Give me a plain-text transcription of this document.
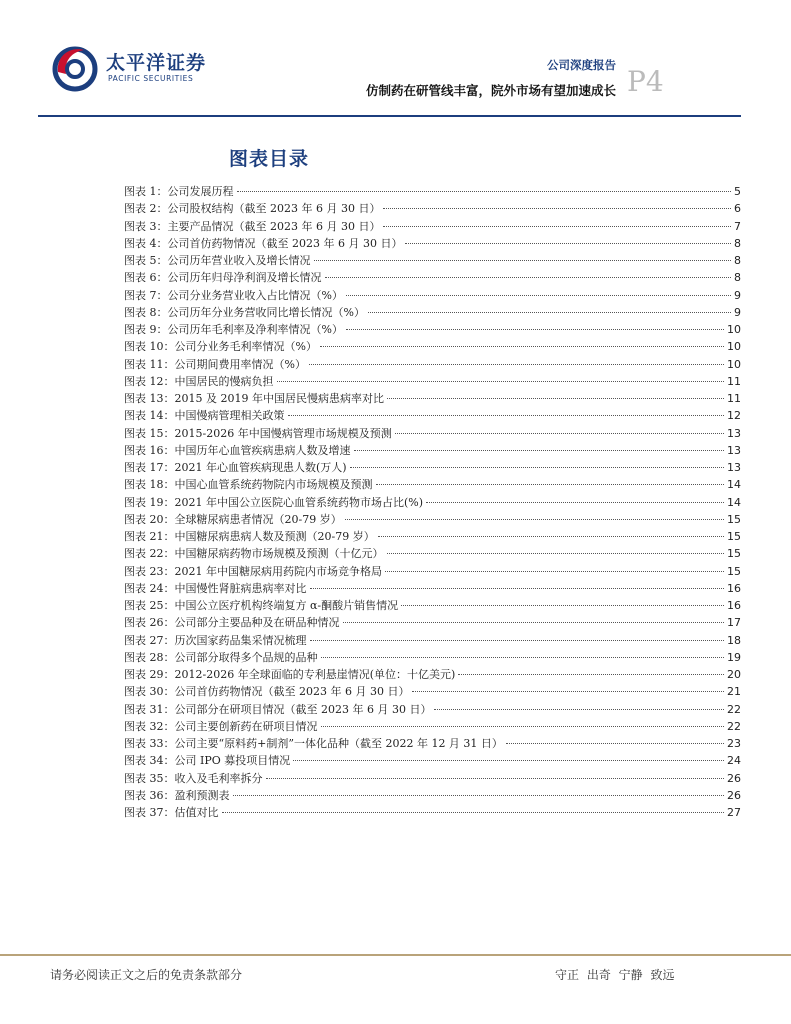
太平洋证券
PACIFIC SECURITIES
公司深度报告
仿制药在研管线丰富，院外市场有望加速成长 P4
图表目录
图表 1：公司发展历程	5
图表 2：公司股权结构（截至 2023 年 6 月 30 日）	6
图表 3：主要产品情况（截至 2023 年 6 月 30 日）	7
图表 4：公司首仿药物情况（截至 2023 年 6 月 30 日）	8
图表 5：公司历年营业收入及增长情况	8
图表 6：公司历年归母净利润及增长情况	8
图表 7：公司分业务营业收入占比情况（%）	9
图表 8：公司历年分业务营收同比增长情况（%）	9
图表 9：公司历年毛利率及净利率情况（%）	10
图表 10：公司分业务毛利率情况（%）	10
图表 11：公司期间费用率情况（%）	10
图表 12：中国居民的慢病负担	11
图表 13：2015 及 2019 年中国居民慢病患病率对比	11
图表 14：中国慢病管理相关政策	12
图表 15：2015-2026 年中国慢病管理市场规模及预测	13
图表 16：中国历年心血管疾病患病人数及增速	13
图表 17：2021 年心血管疾病现患人数(万人)	13
图表 18：中国心血管系统药物院内市场规模及预测	14
图表 19：2021 年中国公立医院心血管系统药物市场占比(%)	14
图表 20：全球糖尿病患者情况（20-79 岁）	15
图表 21：中国糖尿病患病人数及预测（20-79 岁）	15
图表 22：中国糖尿病药物市场规模及预测（十亿元）	15
图表 23：2021 年中国糖尿病用药院内市场竞争格局	15
图表 24：中国慢性肾脏病患病率对比	16
图表 25：中国公立医疗机构终端复方 α-酮酸片销售情况	16
图表 26：公司部分主要品种及在研品种情况	17
图表 27：历次国家药品集采情况梳理	18
图表 28：公司部分取得多个品规的品种	19
图表 29：2012-2026 年全球面临的专利悬崖情况(单位：十亿美元)	20
图表 30：公司首仿药物情况（截至 2023 年 6 月 30 日）	21
图表 31：公司部分在研项目情况（截至 2023 年 6 月 30 日）	22
图表 32：公司主要创新药在研项目情况	22
图表 33：公司主要“原料药+制剂”一体化品种（截至 2022 年 12 月 31 日）	23
图表 34：公司 IPO 募投项目情况	24
图表 35：收入及毛利率拆分	26
图表 36：盈利预测表	26
图表 37：估值对比	27
请务必阅读正文之后的免责条款部分	守正 出奇 宁静 致远
